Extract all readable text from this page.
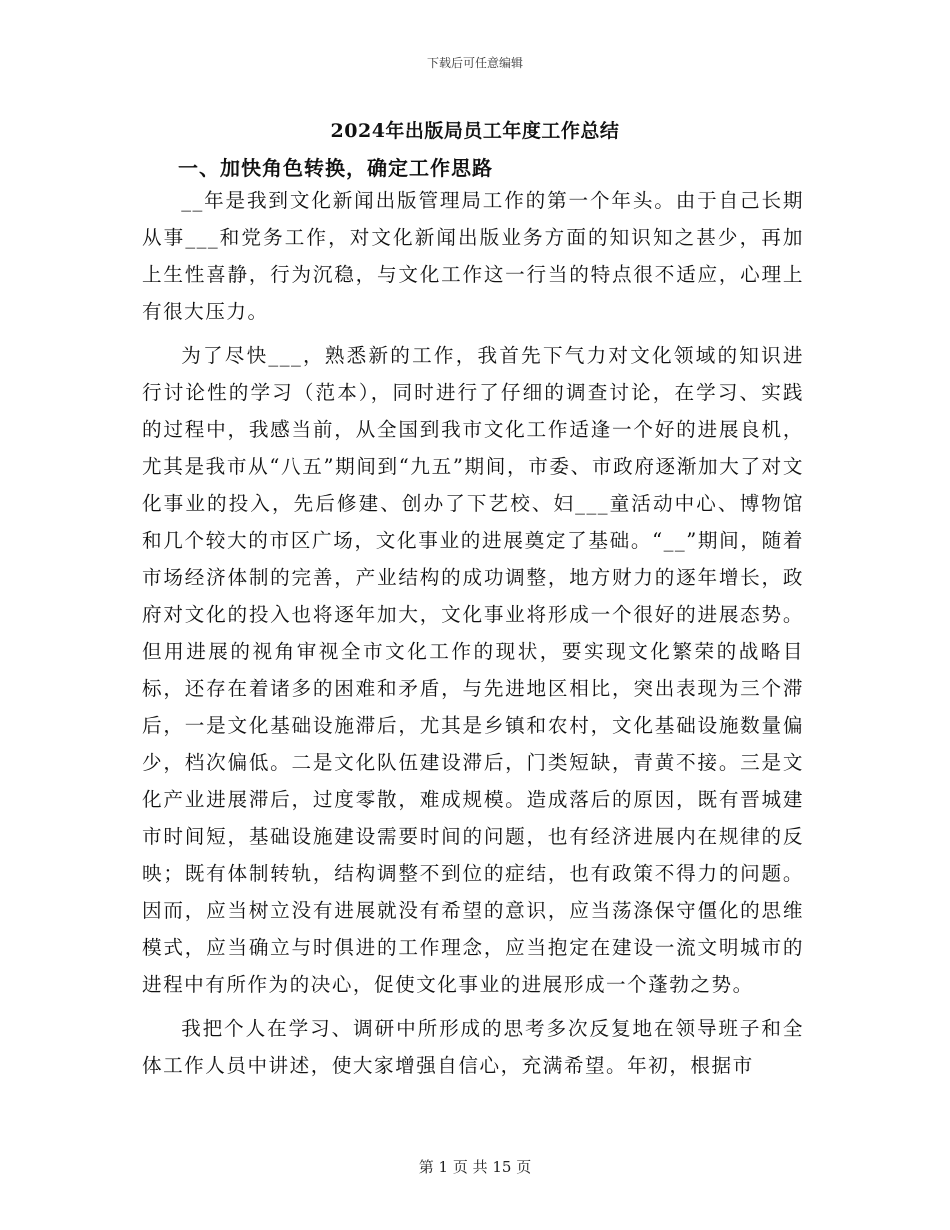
下载后可任意编辑
2024年出版局员工年度工作总结
一、加快角色转换，确定工作思路

__年是我到文化新闻出版管理局工作的第一个年头。由于自己长期从事___和党务工作，对文化新闻出版业务方面的知识知之甚少，再加上生性喜静，行为沉稳，与文化工作这一行当的特点很不适应，心理上有很大压力。

为了尽快___，熟悉新的工作，我首先下气力对文化领域的知识进行讨论性的学习（范本），同时进行了仔细的调查讨论，在学习、实践的过程中，我感当前，从全国到我市文化工作适逢一个好的进展良机，尤其是我市从“八五”期间到“九五”期间，市委、市政府逐渐加大了对文化事业的投入，先后修建、创办了下艺校、妇___童活动中心、博物馆和几个较大的市区广场，文化事业的进展奠定了基础。“__”期间，随着市场经济体制的完善，产业结构的成功调整，地方财力的逐年增长，政府对文化的投入也将逐年加大，文化事业将形成一个很好的进展态势。但用进展的视角审视全市文化工作的现状，要实现文化繁荣的战略目标，还存在着诸多的困难和矛盾，与先进地区相比，突出表现为三个滞后，一是文化基础设施滞后，尤其是乡镇和农村，文化基础设施数量偏少，档次偏低。二是文化队伍建设滞后，门类短缺，青黄不接。三是文化产业进展滞后，过度零散，难成规模。造成落后的原因，既有晋城建市时间短，基础设施建设需要时间的问题，也有经济进展内在规律的反映；既有体制转轨，结构调整不到位的症结，也有政策不得力的问题。因而，应当树立没有进展就没有希望的意识，应当荡涤保守僵化的思维模式，应当确立与时俱进的工作理念，应当抱定在建设一流文明城市的进程中有所作为的决心，促使文化事业的进展形成一个蓬勃之势。

我把个人在学习、调研中所形成的思考多次反复地在领导班子和全体工作人员中讲述，使大家增强自信心，充满希望。年初，根据市

第 1 页 共 15 页
